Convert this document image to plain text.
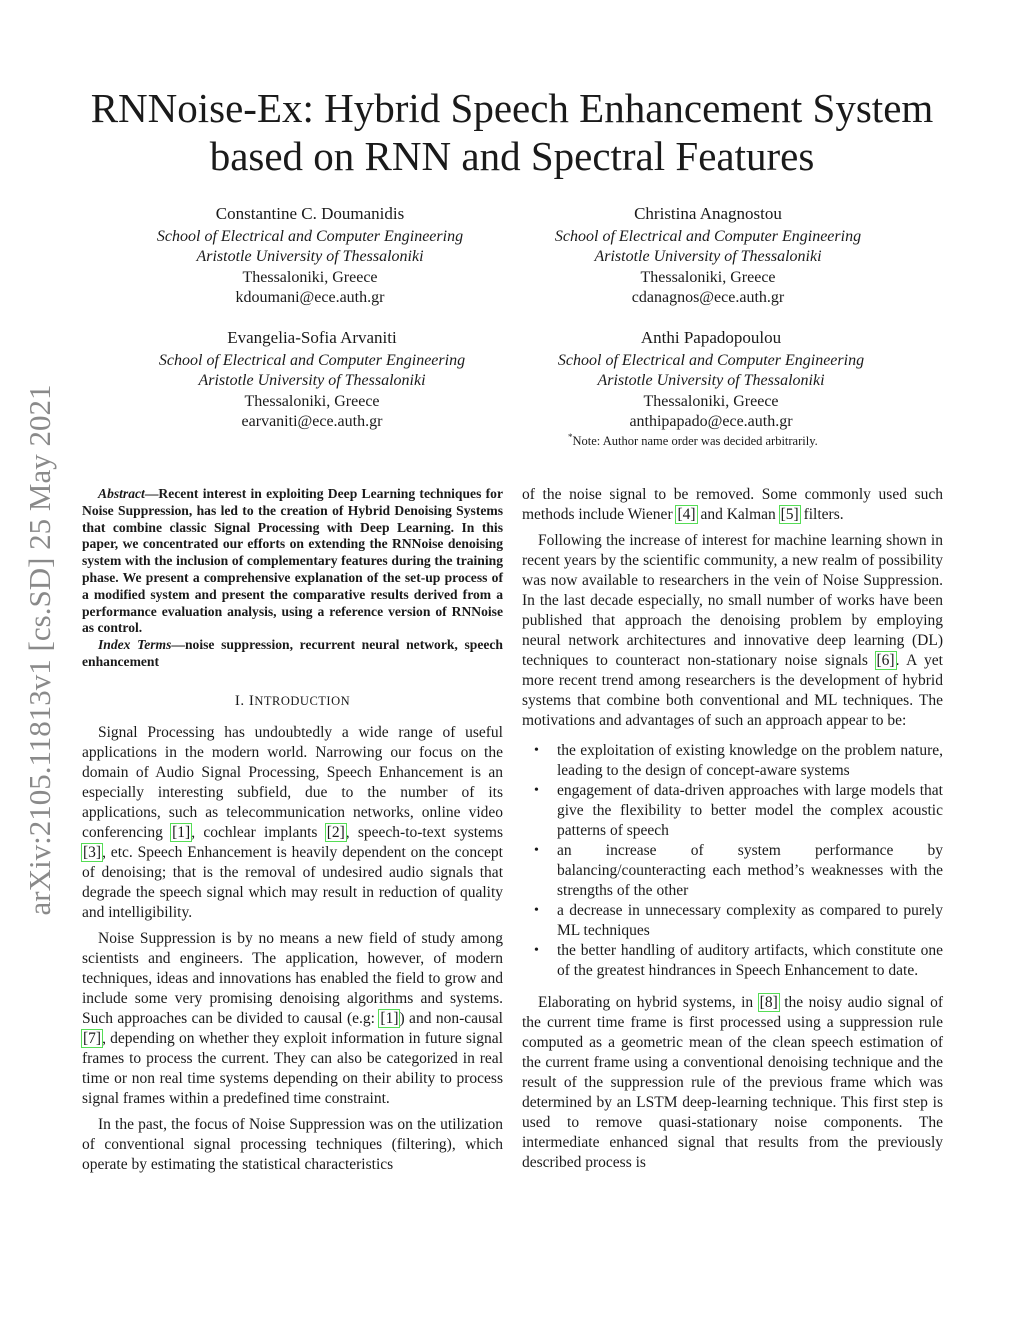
arXiv:2105.11813v1 [cs.SD] 25 May 2021
RNNoise-Ex: Hybrid Speech Enhancement System
based on RNN and Spectral Features
Constantine C. Doumanidis
School of Electrical and Computer Engineering
Aristotle University of Thessaloniki
Thessaloniki, Greece
kdoumani@ece.auth.gr
Christina Anagnostou
School of Electrical and Computer Engineering
Aristotle University of Thessaloniki
Thessaloniki, Greece
cdanagnos@ece.auth.gr
Evangelia-Sofia Arvaniti
School of Electrical and Computer Engineering
Aristotle University of Thessaloniki
Thessaloniki, Greece
earvaniti@ece.auth.gr
Anthi Papadopoulou
School of Electrical and Computer Engineering
Aristotle University of Thessaloniki
Thessaloniki, Greece
anthipapado@ece.auth.gr
*Note: Author name order was decided arbitrarily.

Abstract—Recent interest in exploiting Deep Learning techniques for Noise Suppression, has led to the creation of Hybrid Denoising Systems that combine classic Signal Processing with Deep Learning. In this paper, we concentrated our efforts on extending the RNNoise denoising system with the inclusion of complementary features during the training phase. We present a comprehensive explanation of the set-up process of a modified system and present the comparative results derived from a performance evaluation analysis, using a reference version of RNNoise as control.

Index Terms—noise suppression, recurrent neural network, speech enhancement

I. INTRODUCTION

Signal Processing has undoubtedly a wide range of useful applications in the modern world. Narrowing our focus on the domain of Audio Signal Processing, Speech Enhancement is an especially interesting subfield, due to the number of its applications, such as telecommunication networks, online video conferencing [1], cochlear implants [2], speech-to-text systems [3], etc. Speech Enhancement is heavily dependent on the concept of denoising; that is the removal of undesired audio signals that degrade the speech signal which may result in reduction of quality and intelligibility.

Noise Suppression is by no means a new field of study among scientists and engineers. The application, however, of modern techniques, ideas and innovations has enabled the field to grow and include some very promising denoising algorithms and systems. Such approaches can be divided to causal (e.g: [1]) and non-causal [7], depending on whether they exploit information in future signal frames to process the current. They can also be categorized in real time or non real time systems depending on their ability to process signal frames within a predefined time constraint.

In the past, the focus of Noise Suppression was on the utilization of conventional signal processing techniques (filtering), which operate by estimating the statistical characteristics

of the noise signal to be removed. Some commonly used such methods include Wiener [4] and Kalman [5] filters.

Following the increase of interest for machine learning shown in recent years by the scientific community, a new realm of possibility was now available to researchers in the vein of Noise Suppression. In the last decade especially, no small number of works have been published that approach the denoising problem by employing neural network architectures and innovative deep learning (DL) techniques to counteract non-stationary noise signals [6]. A yet more recent trend among researchers is the development of hybrid systems that combine both conventional and ML techniques. The motivations and advantages of such an approach appear to be:

• the exploitation of existing knowledge on the problem nature, leading to the design of concept-aware systems
• engagement of data-driven approaches with large models that give the flexibility to better model the complex acoustic patterns of speech
• an increase of system performance by balancing/counteracting each method’s weaknesses with the strengths of the other
• a decrease in unnecessary complexity as compared to purely ML techniques
• the better handling of auditory artifacts, which constitute one of the greatest hindrances in Speech Enhancement to date.

Elaborating on hybrid systems, in [8] the noisy audio signal of the current time frame is first processed using a suppression rule computed as a geometric mean of the clean speech estimation of the current frame using a conventional denoising technique and the result of the suppression rule of the previous frame which was determined by an LSTM deep-learning technique. This first step is used to remove quasi-stationary noise components. The intermediate enhanced signal that results from the previously described process is
